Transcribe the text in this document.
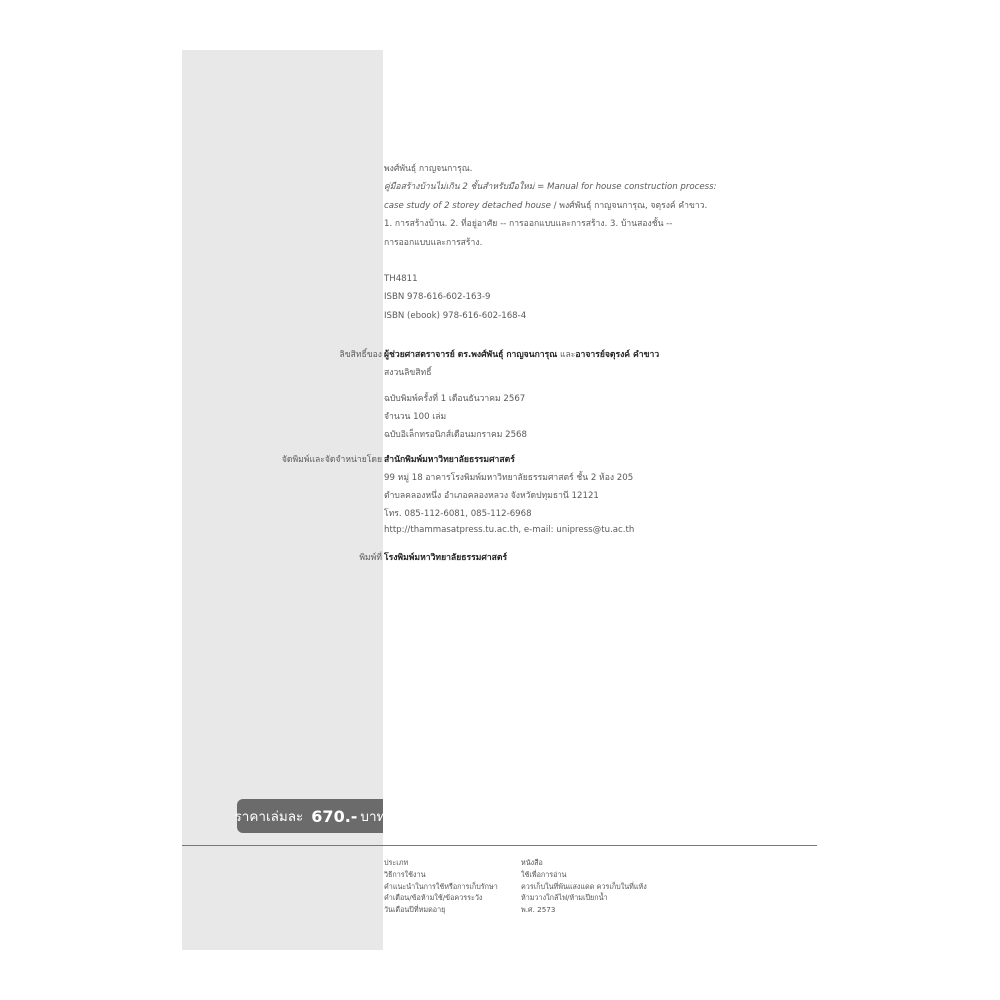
พงศ์พันธุ์ กาญจนการุณ.
คู่มือสร้างบ้านไม่เกิน 2 ชั้นสำหรับมือใหม่ = Manual for house construction process:
case study of 2 storey detached house / พงศ์พันธุ์ กาญจนการุณ, จตุรงค์ คำขาว.
1. การสร้างบ้าน. 2. ที่อยู่อาศัย -- การออกแบบและการสร้าง. 3. บ้านสองชั้น --
การออกแบบและการสร้าง.
TH4811
ISBN 978-616-602-163-9
ISBN (ebook) 978-616-602-168-4
ลิขสิทธิ์ของ ผู้ช่วยศาสตราจารย์ ดร.พงศ์พันธุ์ กาญจนการุณ และอาจารย์จตุรงค์ คำขาว
สงวนลิขสิทธิ์
ฉบับพิมพ์ครั้งที่ 1 เดือนธันวาคม 2567
จำนวน 100 เล่ม
ฉบับอิเล็กทรอนิกส์เดือนมกราคม 2568
จัดพิมพ์และจัดจำหน่ายโดย สำนักพิมพ์มหาวิทยาลัยธรรมศาสตร์
99 หมู่ 18 อาคารโรงพิมพ์มหาวิทยาลัยธรรมศาสตร์ ชั้น 2 ห้อง 205
ตำบลคลองหนึ่ง อำเภอคลองหลวง จังหวัดปทุมธานี 12121
โทร. 085-112-6081, 085-112-6968
http://thammasatpress.tu.ac.th, e-mail: unipress@tu.ac.th
พิมพ์ที่ โรงพิมพ์มหาวิทยาลัยธรรมศาสตร์
ราคาเล่มละ 670.- บาท
ประเภท
วิธีการใช้งาน
คำแนะนำในการใช้หรือการเก็บรักษา
คำเตือน/ข้อห้ามใช้/ข้อควรระวัง
วันเดือนปีที่หมดอายุ
หนังสือ
ใช้เพื่อการอ่าน
ควรเก็บในที่พ้นแสงแดด ควรเก็บในที่แห้ง
ห้ามวางใกล้ไฟ/ห้ามเปียกน้ำ
พ.ศ. 2573
